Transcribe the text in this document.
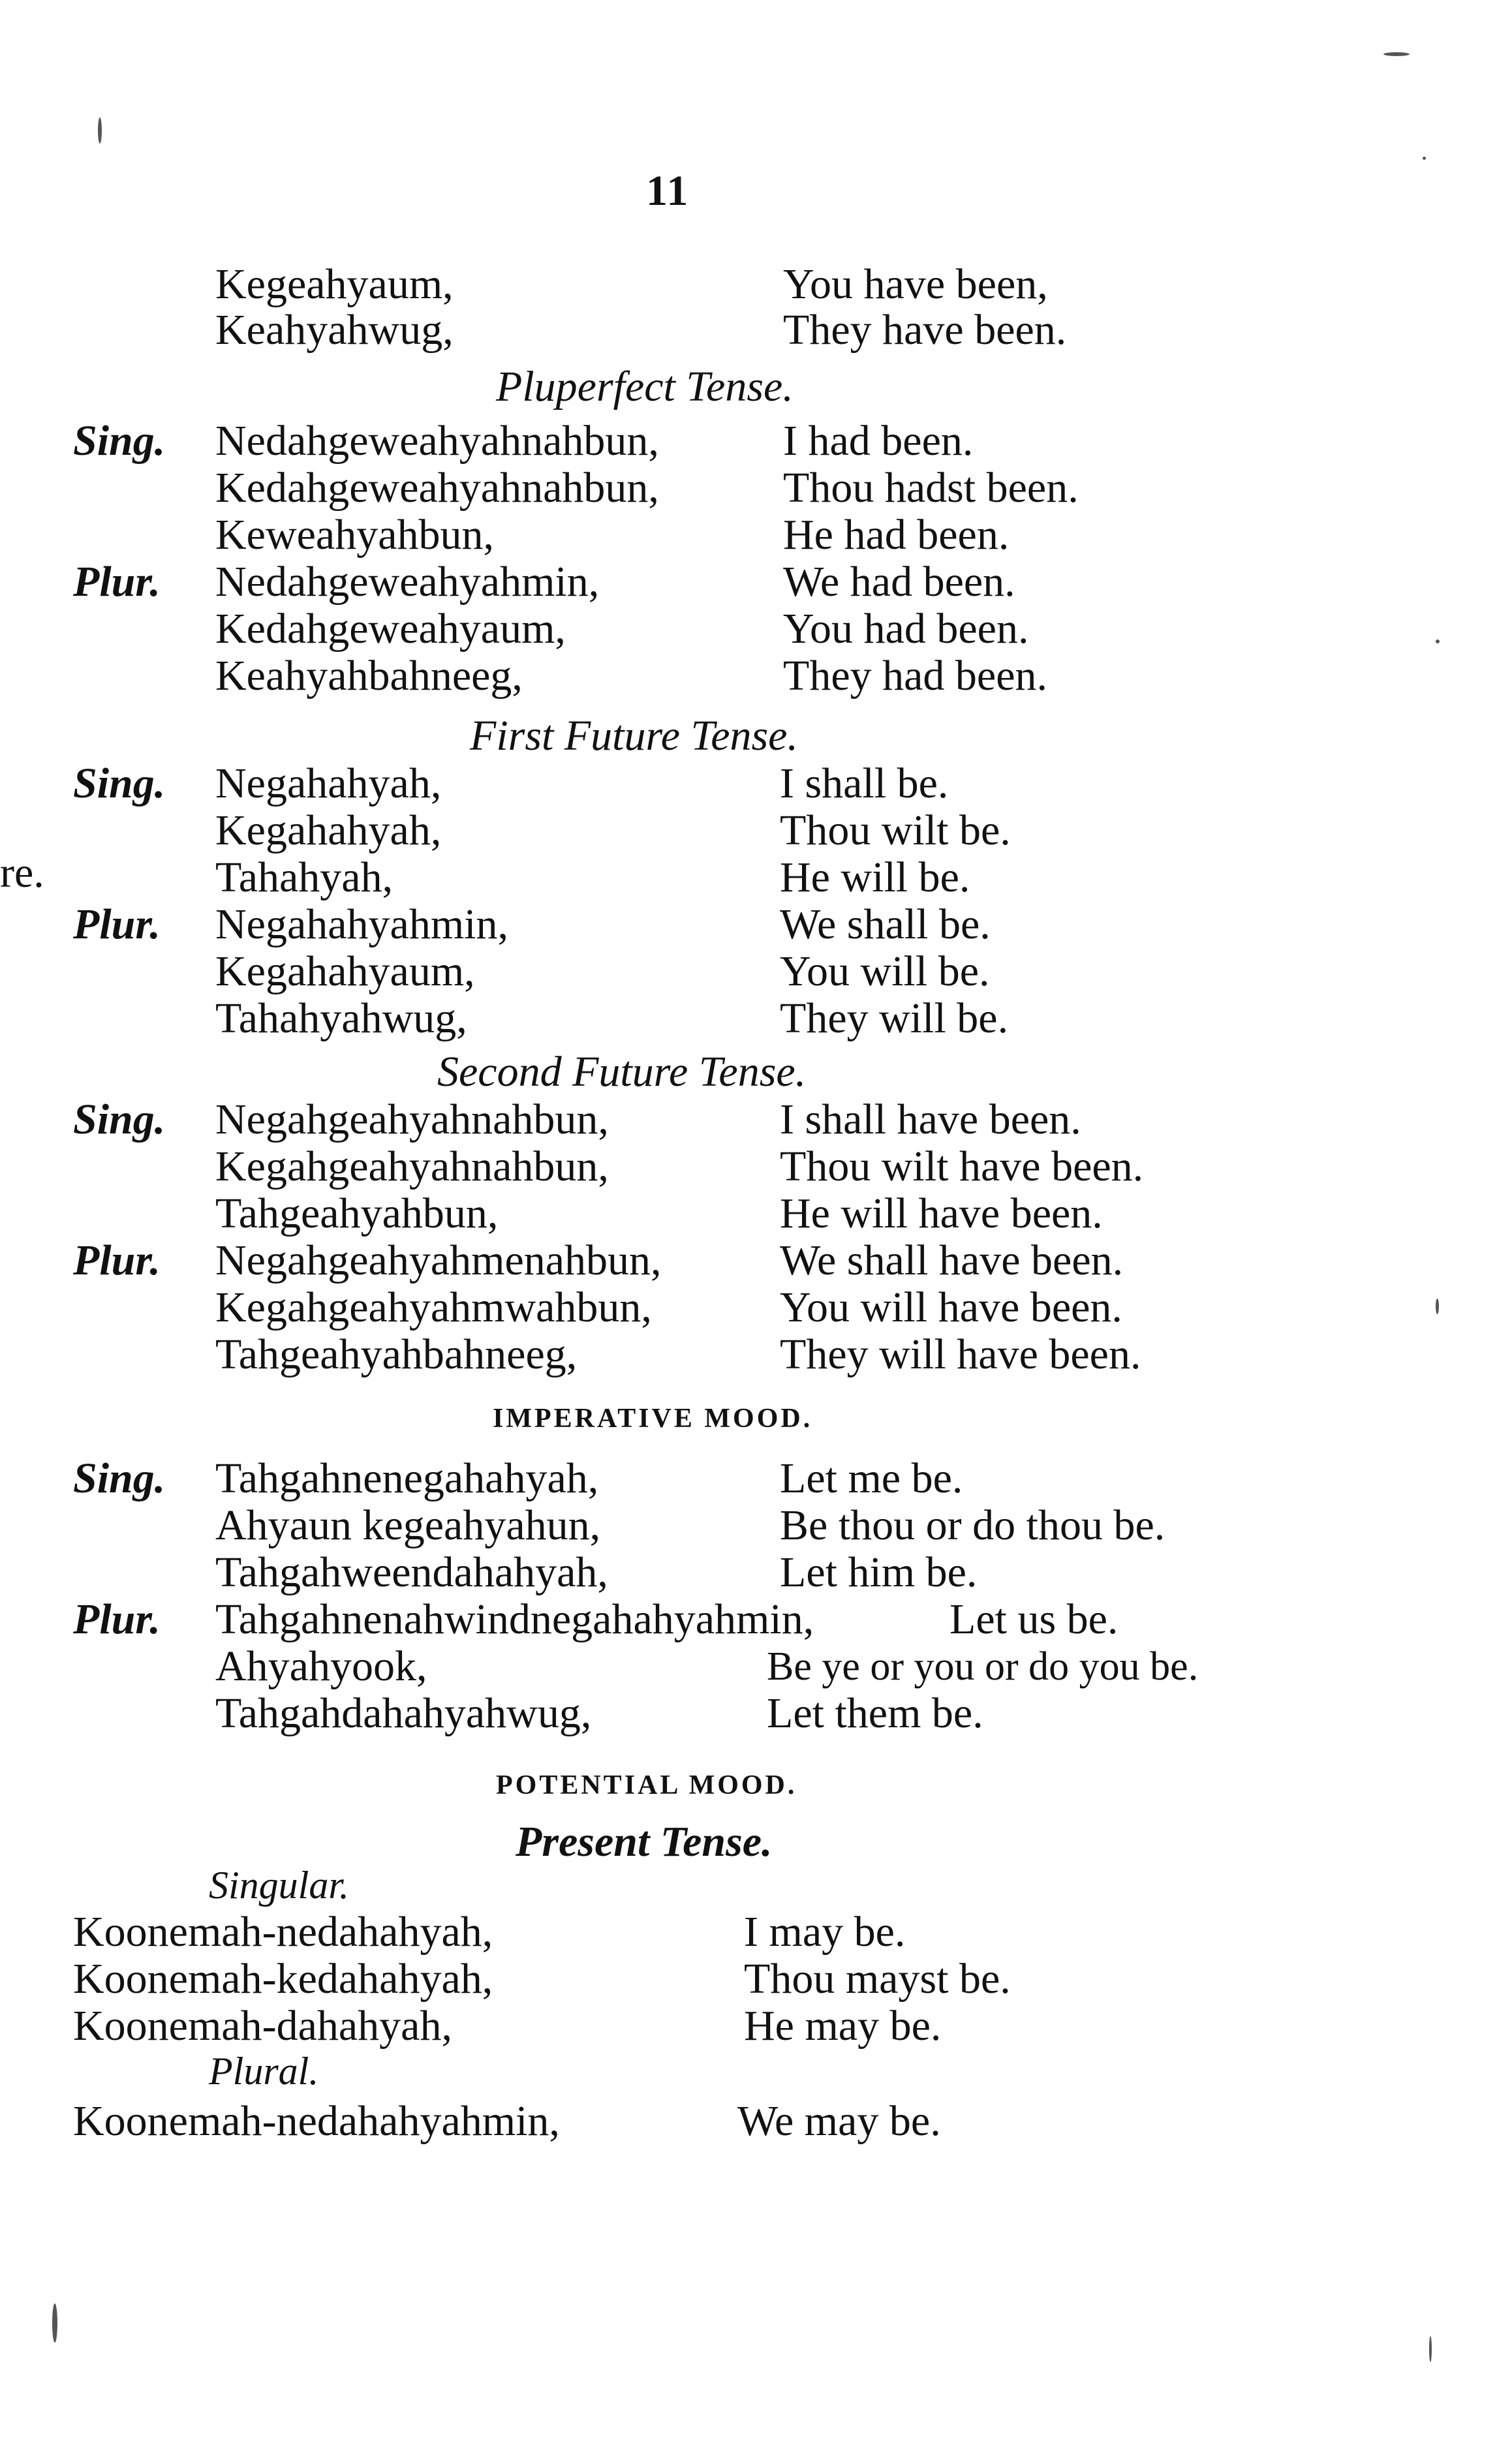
11
re.
Kegeahyaum,	You have been,
Keahyahwug,	They have been.
Pluperfect Tense.
Sing. Nedahgeweahyahnahbun,	I had been.
Kedahgeweahyahnahbun,	Thou hadst been.
Keweahyahbun,	He had been.
Plur. Nedahgeweahyahmin,	We had been.
Kedahgeweahyaum,	You had been.
Keahyahbahneeg,	They had been.
First Future Tense.
Sing. Negahahyah,	I shall be.
Kegahahyah,	Thou wilt be.
Tahahyah,	He will be.
Plur. Negahahyahmin,	We shall be.
Kegahahyaum,	You will be.
Tahahyahwug,	They will be.
Second Future Tense.
Sing. Negahgeahyahnahbun,	I shall have been.
Kegahgeahyahnahbun,	Thou wilt have been.
Tahgeahyahbun,	He will have been.
Plur. Negahgeahyahmenahbun,	We shall have been.
Kegahgeahyahmwahbun,	You will have been.
Tahgeahyahbahneeg,	They will have been.
IMPERATIVE MOOD.
Sing. Tahgahnenegahahyah,	Let me be.
Ahyaun kegeahyahun,	Be thou or do thou be.
Tahgahweendahahyah,	Let him be.
Plur. Tahgahnenahwindnegahahyahmin,	Let us be.
Ahyahyook,	Be ye or you or do you be.
Tahgahdahahyahwug,	Let them be.
POTENTIAL MOOD.
Present Tense.
Singular.
Koonemah-nedahahyah,	I may be.
Koonemah-kedahahyah,	Thou mayst be.
Koonemah-dahahyah,	He may be.
Plural.
Koonemah-nedahahyahmin,	We may be.
